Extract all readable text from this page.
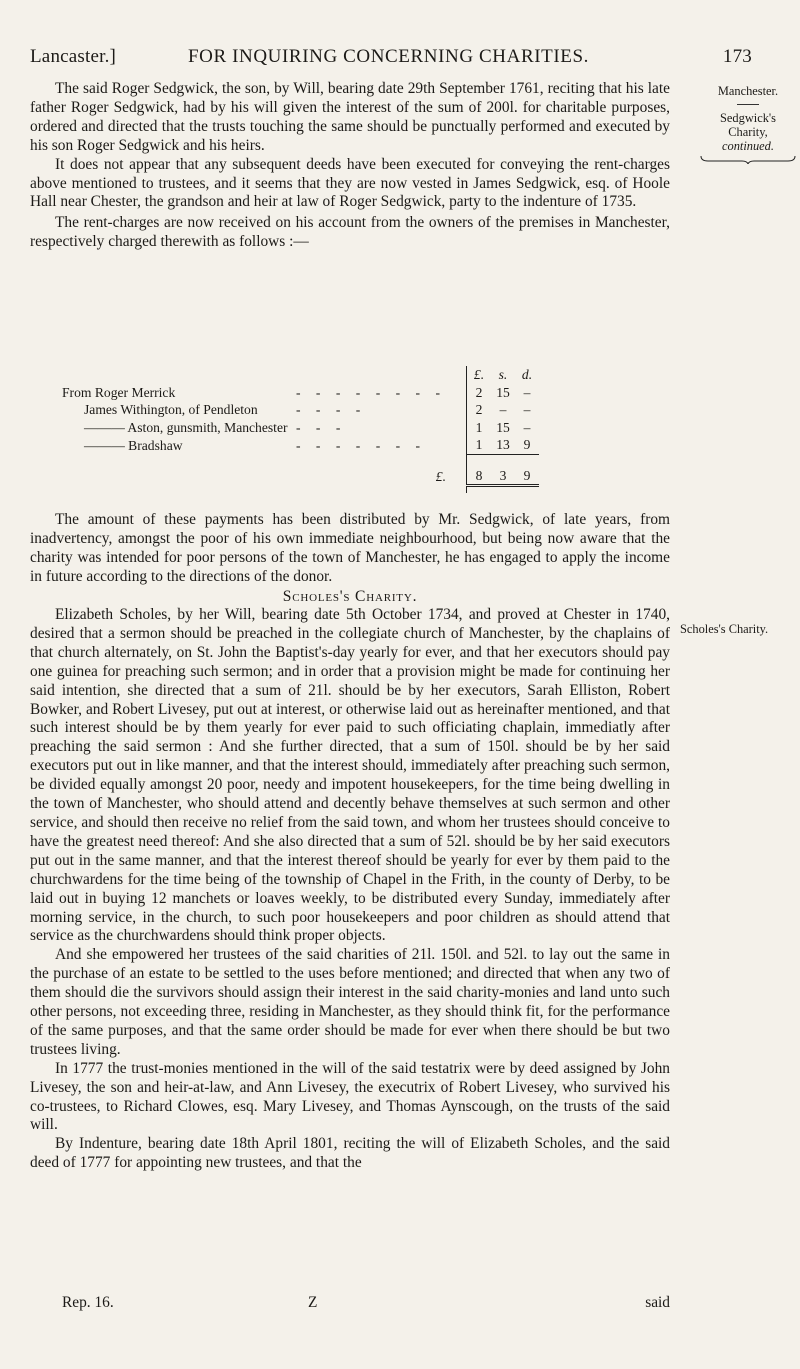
Lancaster.]	FOR INQUIRING CONCERNING CHARITIES.	173
Manchester.
Sedgwick's
Charity,
continued.

The said Roger Sedgwick, the son, by Will, bearing date 29th September 1761, reciting that his late father Roger Sedgwick, had by his will given the interest of the sum of 200l. for charitable purposes, ordered and directed that the trusts touching the same should be punctually performed and executed by his son Roger Sedgwick and his heirs.

It does not appear that any subsequent deeds have been executed for conveying the rent-charges above mentioned to trustees, and it seems that they are now vested in James Sedgwick, esq. of Hoole Hall near Chester, the grandson and heir at law of Roger Sedgwick, party to the indenture of 1735.

The rent-charges are now received on his account from the owners of the premises in Manchester, respectively charged therewith as follows :—

		£.	s.	d.
From Roger Merrick	- - - - - - - -	2	15	–
James Withington, of Pendleton	- - - -	2	–	–
——— Aston, gunsmith, Manchester	- - -	1	15	–
——— Bradshaw	- - - - - - -	1	13	9
	£.	8	3	9

The amount of these payments has been distributed by Mr. Sedgwick, of late years, from inadvertency, amongst the poor of his own immediate neighbourhood, but being now aware that the charity was intended for poor persons of the town of Manchester, he has engaged to apply the income in future according to the directions of the donor.

Scholes's Charity.
Scholes's Charity.

Elizabeth Scholes, by her Will, bearing date 5th October 1734, and proved at Chester in 1740, desired that a sermon should be preached in the collegiate church of Manchester, by the chaplains of that church alternately, on St. John the Baptist's-day yearly for ever, and that her executors should pay one guinea for preaching such sermon; and in order that a provision might be made for continuing her said intention, she directed that a sum of 21l. should be by her executors, Sarah Elliston, Robert Bowker, and Robert Livesey, put out at interest, or otherwise laid out as hereinafter mentioned, and that such interest should be by them yearly for ever paid to such officiating chaplain, immediatly after preaching the said sermon : And she further directed, that a sum of 150l. should be by her said executors put out in like manner, and that the interest should, immediately after preaching such sermon, be divided equally amongst 20 poor, needy and impotent housekeepers, for the time being dwelling in the town of Manchester, who should attend and decently behave themselves at such sermon and other service, and should then receive no relief from the said town, and whom her trustees should conceive to have the greatest need thereof: And she also directed that a sum of 52l. should be by her said executors put out in the same manner, and that the interest thereof should be yearly for ever by them paid to the churchwardens for the time being of the township of Chapel in the Frith, in the county of Derby, to be laid out in buying 12 manchets or loaves weekly, to be distributed every Sunday, immediately after morning service, in the church, to such poor housekeepers and poor children as should attend that service as the churchwardens should think proper objects.

And she empowered her trustees of the said charities of 21l. 150l. and 52l. to lay out the same in the purchase of an estate to be settled to the uses before mentioned; and directed that when any two of them should die the survivors should assign their interest in the said charity-monies and land unto such other persons, not exceeding three, residing in Manchester, as they should think fit, for the performance of the same purposes, and that the same order should be made for ever when there should be but two trustees living.

In 1777 the trust-monies mentioned in the will of the said testatrix were by deed assigned by John Livesey, the son and heir-at-law, and Ann Livesey, the executrix of Robert Livesey, who survived his co-trustees, to Richard Clowes, esq. Mary Livesey, and Thomas Aynscough, on the trusts of the said will.

By Indenture, bearing date 18th April 1801, reciting the will of Elizabeth Scholes, and the said deed of 1777 for appointing new trustees, and that the

Rep. 16.	Z	said
